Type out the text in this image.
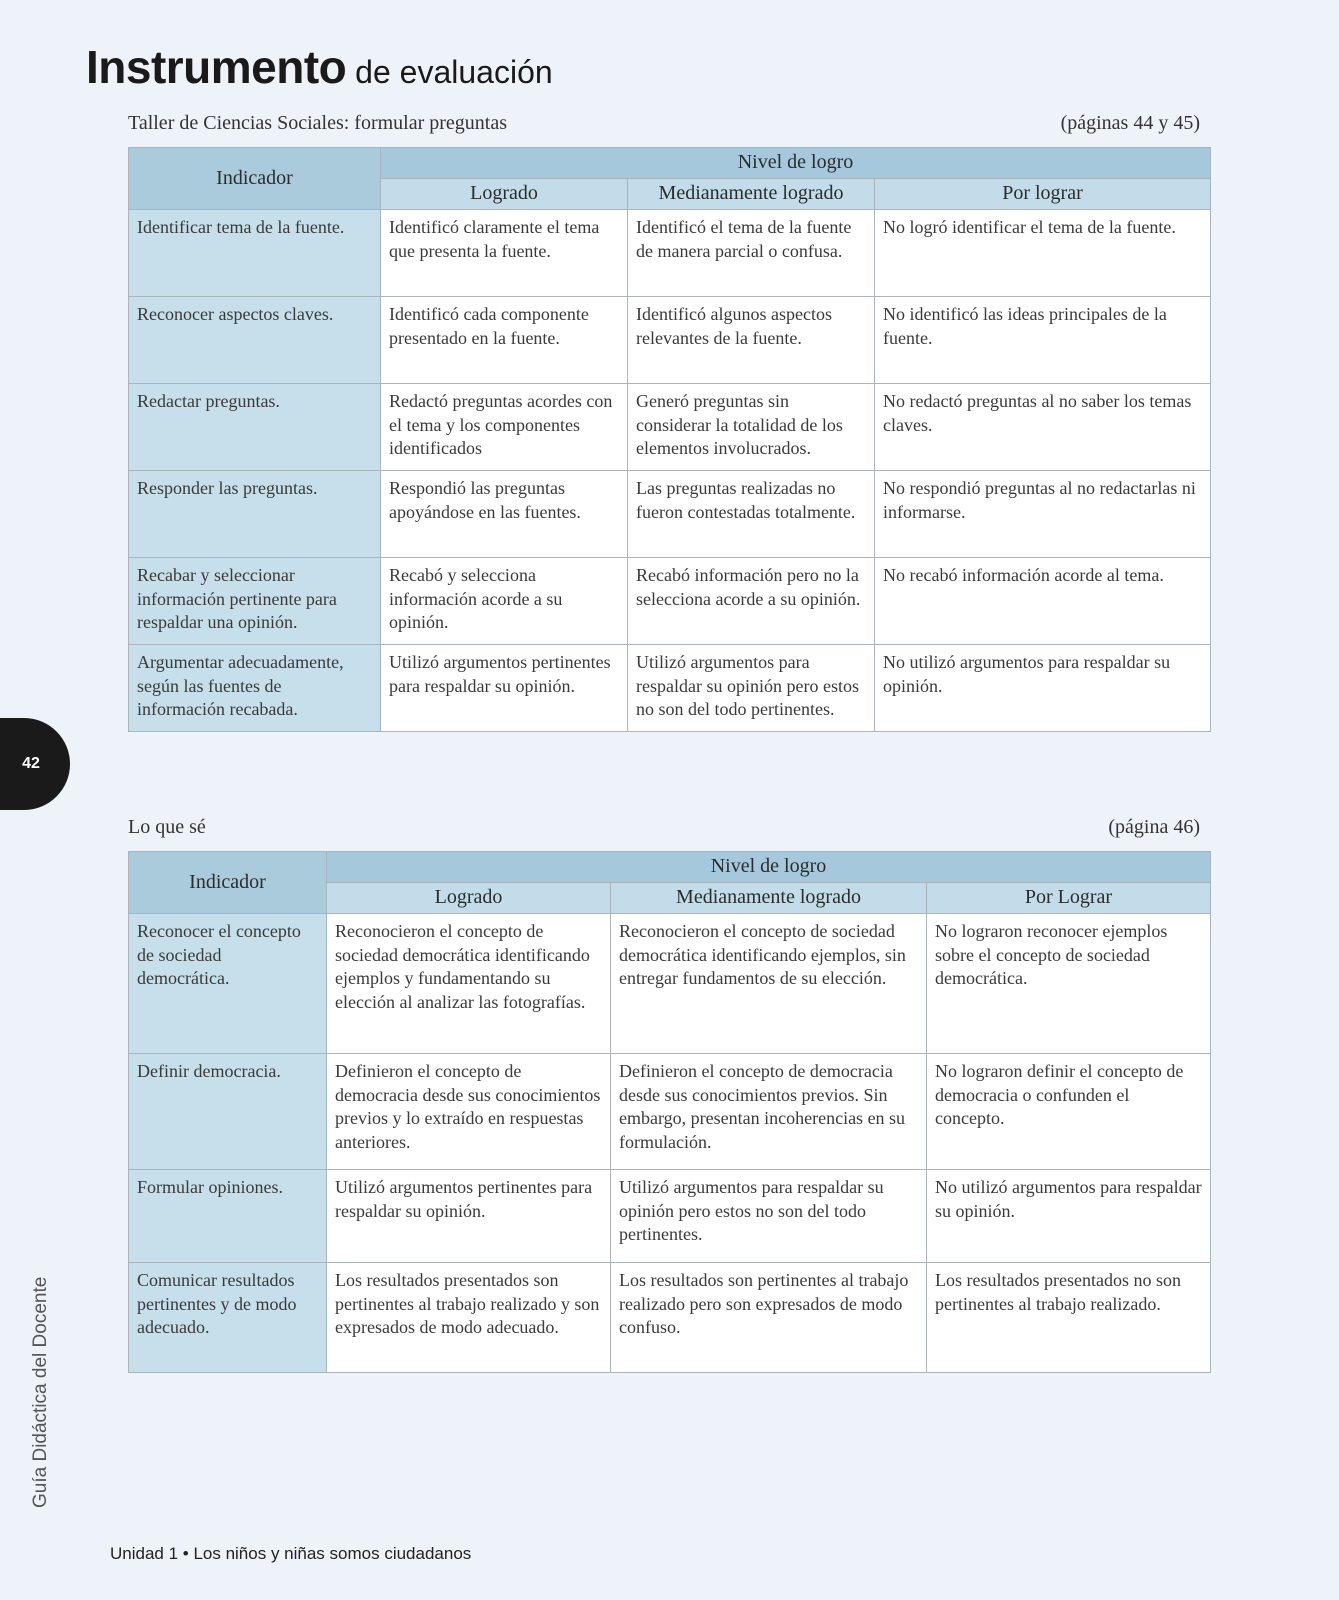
Instrumento de evaluación
Taller de Ciencias Sociales: formular preguntas	(páginas 44 y 45)
Indicador	Nivel de logro		
	Logrado	Medianamente logrado	Por lograr
Identificar tema de la fuente.	Identificó claramente el tema que presenta la fuente.	Identificó el tema de la fuente de manera parcial o confusa.	No logró identificar el tema de la fuente.
Reconocer aspectos claves.	Identificó cada componente presentado en la fuente.	Identificó algunos aspectos relevantes de la fuente.	No identificó las ideas principales de la fuente.
Redactar preguntas.	Redactó preguntas acordes con el tema y los componentes identificados	Generó preguntas sin considerar la totalidad de los elementos involucrados.	No redactó preguntas al no saber los temas claves.
Responder las preguntas.	Respondió las preguntas apoyándose en las fuentes.	Las preguntas realizadas no fueron contestadas totalmente.	No respondió preguntas al no redactarlas ni informarse.
Recabar y seleccionar información pertinente para respaldar una opinión.	Recabó y selecciona información acorde a su opinión.	Recabó información pero no la selecciona acorde a su opinión.	No recabó información acorde al tema.
Argumentar adecuadamente, según las fuentes de información recabada.	Utilizó argumentos pertinentes para respaldar su opinión.	Utilizó argumentos para respaldar su opinión pero estos no son del todo pertinentes.	No utilizó argumentos para respaldar su opinión.
Lo que sé	(página 46)
Indicador	Nivel de logro		
	Logrado	Medianamente logrado	Por Lograr
Reconocer el concepto de sociedad democrática.	Reconocieron el concepto de sociedad democrática identificando ejemplos y fundamentando su elección al analizar las fotografías.	Reconocieron el concepto de sociedad democrática identificando ejemplos, sin entregar fundamentos de su elección.	No lograron reconocer ejemplos sobre el concepto de sociedad democrática.
Definir democracia.	Definieron el concepto de democracia desde sus conocimientos previos y lo extraído en respuestas anteriores.	Definieron el concepto de democracia desde sus conocimientos previos. Sin embargo, presentan incoherencias en su formulación.	No lograron definir el concepto de democracia o confunden el concepto.
Formular opiniones.	Utilizó argumentos pertinentes para respaldar su opinión.	Utilizó argumentos para respaldar su opinión pero estos no son del todo pertinentes.	No utilizó argumentos para respaldar su opinión.
Comunicar resultados pertinentes y de modo adecuado.	Los resultados presentados son pertinentes al trabajo realizado y son expresados de modo adecuado.	Los resultados son pertinentes al trabajo realizado pero son expresados de modo confuso.	Los resultados presentados no son pertinentes al trabajo realizado.
42
Guía Didáctica del Docente
Unidad 1 • Los niños y niñas somos ciudadanos
